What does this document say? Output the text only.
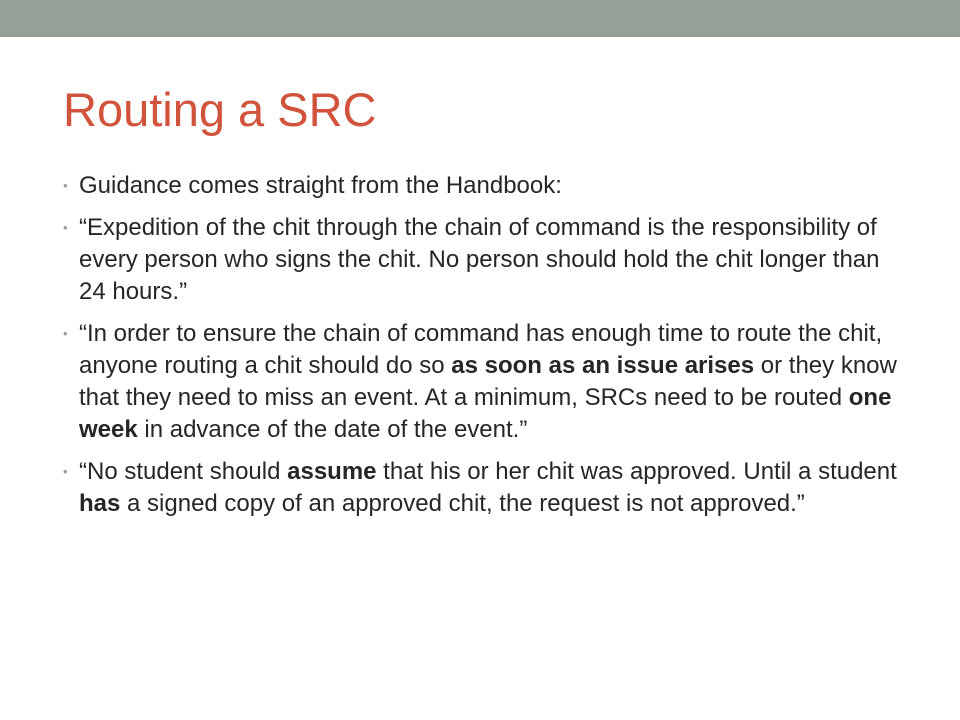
Routing a SRC
• Guidance comes straight from the Handbook:
• “Expedition of the chit through the chain of command is the responsibility of every person who signs the chit. No person should hold the chit longer than 24 hours.”
• “In order to ensure the chain of command has enough time to route the chit, anyone routing a chit should do so as soon as an issue arises or they know that they need to miss an event. At a minimum, SRCs need to be routed one week in advance of the date of the event.”
• “No student should assume that his or her chit was approved. Until a student has a signed copy of an approved chit, the request is not approved.”
